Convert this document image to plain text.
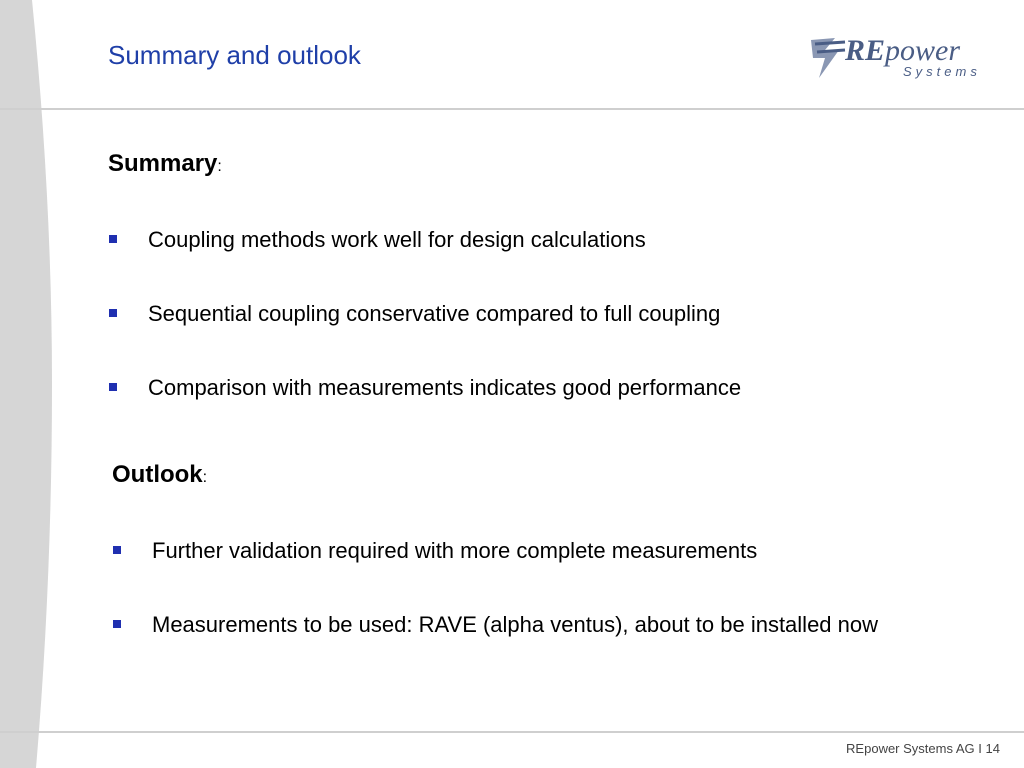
Summary and outlook	RE power
Systems
Summary:
Coupling methods work well for design calculations
Sequential coupling conservative compared to full coupling
Comparison with measurements indicates good performance
Outlook:
Further validation required with more complete measurements
Measurements to be used: RAVE (alpha ventus), about to be installed now
REpower Systems AG I 14
